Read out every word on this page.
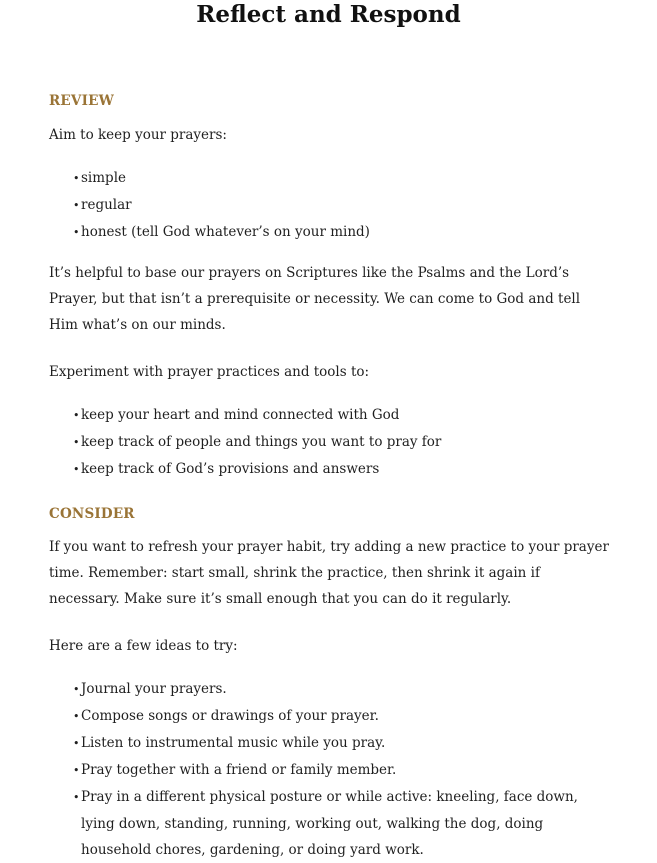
Reflect and Respond
REVIEW

Aim to keep your prayers:

• simple
• regular
• honest (tell God whatever’s on your mind)

It’s helpful to base our prayers on Scriptures like the Psalms and the Lord’s Prayer, but that isn’t a prerequisite or necessity. We can come to God and tell Him what’s on our minds.

Experiment with prayer practices and tools to:

• keep your heart and mind connected with God
• keep track of people and things you want to pray for
• keep track of God’s provisions and answers
CONSIDER

If you want to refresh your prayer habit, try adding a new practice to your prayer time. Remember: start small, shrink the practice, then shrink it again if necessary. Make sure it’s small enough that you can do it regularly.

Here are a few ideas to try:

• Journal your prayers.
• Compose songs or drawings of your prayer.
• Listen to instrumental music while you pray.
• Pray together with a friend or family member.
• Pray in a different physical posture or while active: kneeling, face down, lying down, standing, running, working out, walking the dog, doing household chores, gardening, or doing yard work.
